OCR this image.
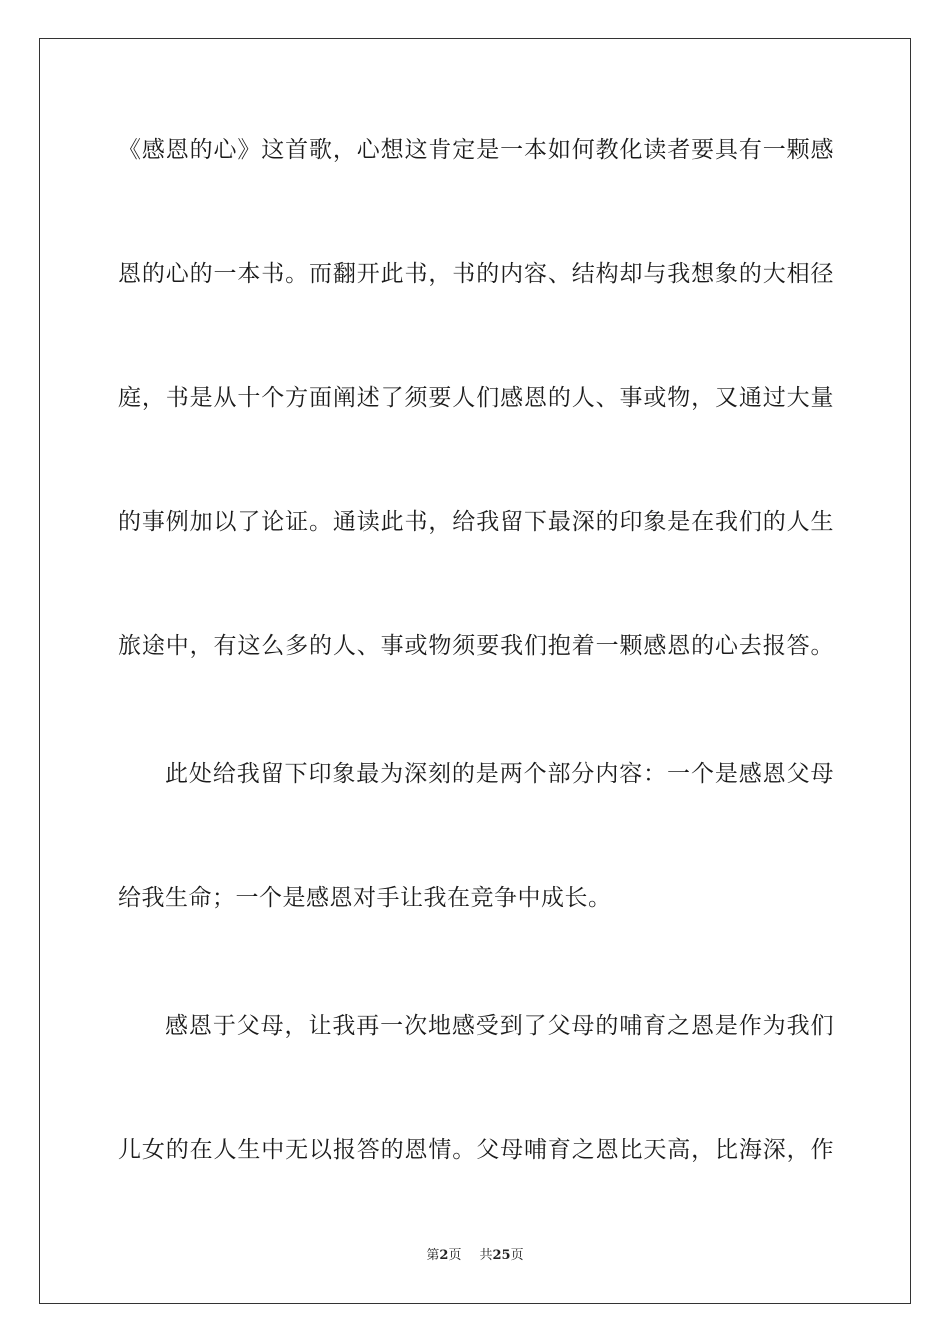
《感恩的心》这首歌，心想这肯定是一本如何教化读者要具有一颗感
恩的心的一本书。而翻开此书，书的内容、结构却与我想象的大相径
庭，书是从十个方面阐述了须要人们感恩的人、事或物，又通过大量
的事例加以了论证。通读此书，给我留下最深的印象是在我们的人生
旅途中，有这么多的人、事或物须要我们抱着一颗感恩的心去报答。
此处给我留下印象最为深刻的是两个部分内容：一个是感恩父母
给我生命；一个是感恩对手让我在竞争中成长。
感恩于父母，让我再一次地感受到了父母的哺育之恩是作为我们
儿女的在人生中无以报答的恩情。父母哺育之恩比天高，比海深，作
第2页 共25页
